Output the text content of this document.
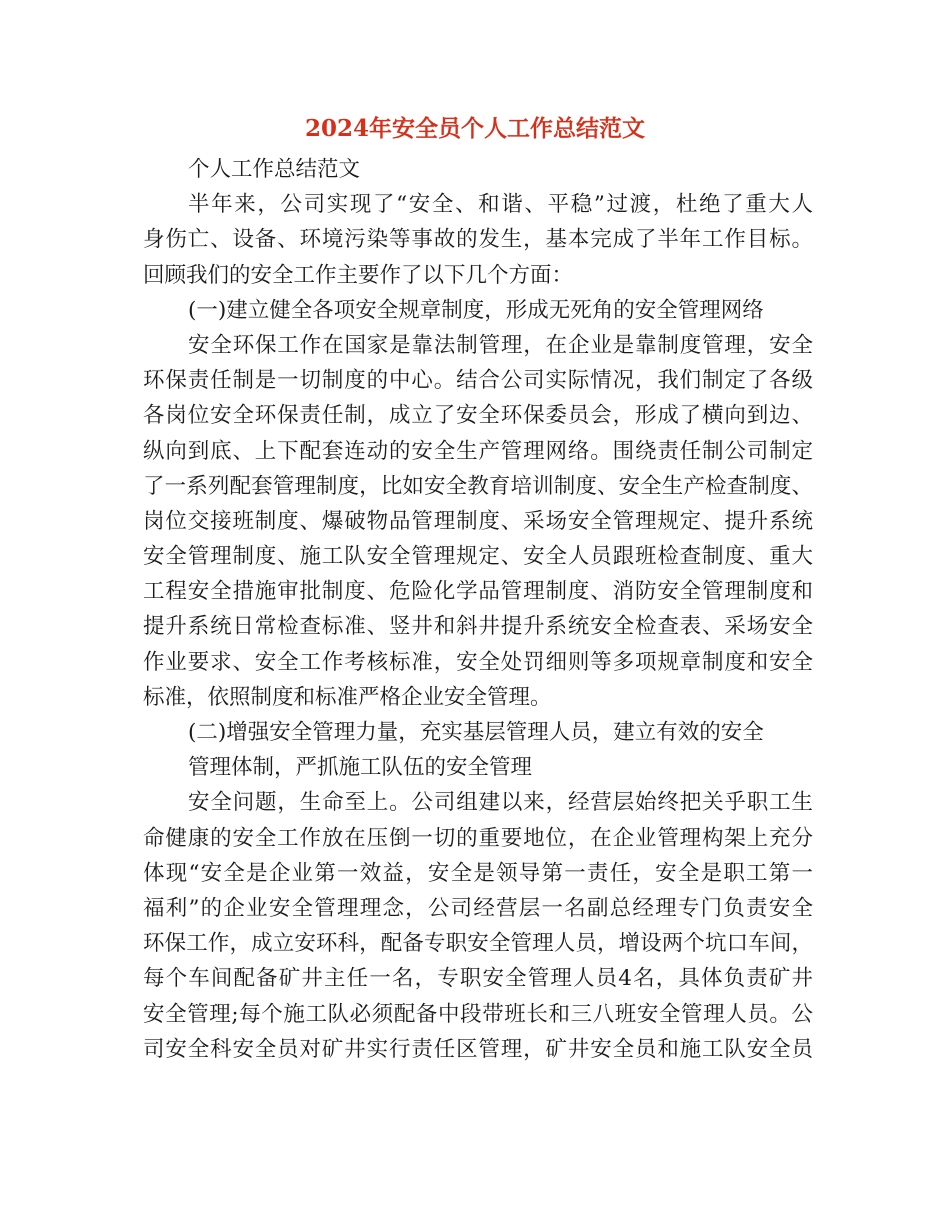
2024年安全员个人工作总结范文
个人工作总结范文
半年来，公司实现了“安全、和谐、平稳”过渡，杜绝了重大人
身伤亡、设备、环境污染等事故的发生，基本完成了半年工作目标。
回顾我们的安全工作主要作了以下几个方面：
(一)建立健全各项安全规章制度，形成无死角的安全管理网络
安全环保工作在国家是靠法制管理，在企业是靠制度管理，安全
环保责任制是一切制度的中心。结合公司实际情况，我们制定了各级
各岗位安全环保责任制，成立了安全环保委员会，形成了横向到边、
纵向到底、上下配套连动的安全生产管理网络。围绕责任制公司制定
了一系列配套管理制度，比如安全教育培训制度、安全生产检查制度、
岗位交接班制度、爆破物品管理制度、采场安全管理规定、提升系统
安全管理制度、施工队安全管理规定、安全人员跟班检查制度、重大
工程安全措施审批制度、危险化学品管理制度、消防安全管理制度和
提升系统日常检查标准、竖井和斜井提升系统安全检查表、采场安全
作业要求、安全工作考核标准，安全处罚细则等多项规章制度和安全
标准，依照制度和标准严格企业安全管理。
(二)增强安全管理力量，充实基层管理人员，建立有效的安全
管理体制，严抓施工队伍的安全管理
安全问题，生命至上。公司组建以来，经营层始终把关乎职工生
命健康的安全工作放在压倒一切的重要地位，在企业管理构架上充分
体现“安全是企业第一效益，安全是领导第一责任，安全是职工第一
福利”的企业安全管理理念，公司经营层一名副总经理专门负责安全
环保工作，成立安环科，配备专职安全管理人员，增设两个坑口车间，
每个车间配备矿井主任一名，专职安全管理人员4名，具体负责矿井
安全管理;每个施工队必须配备中段带班长和三八班安全管理人员。公
司安全科安全员对矿井实行责任区管理，矿井安全员和施工队安全员
